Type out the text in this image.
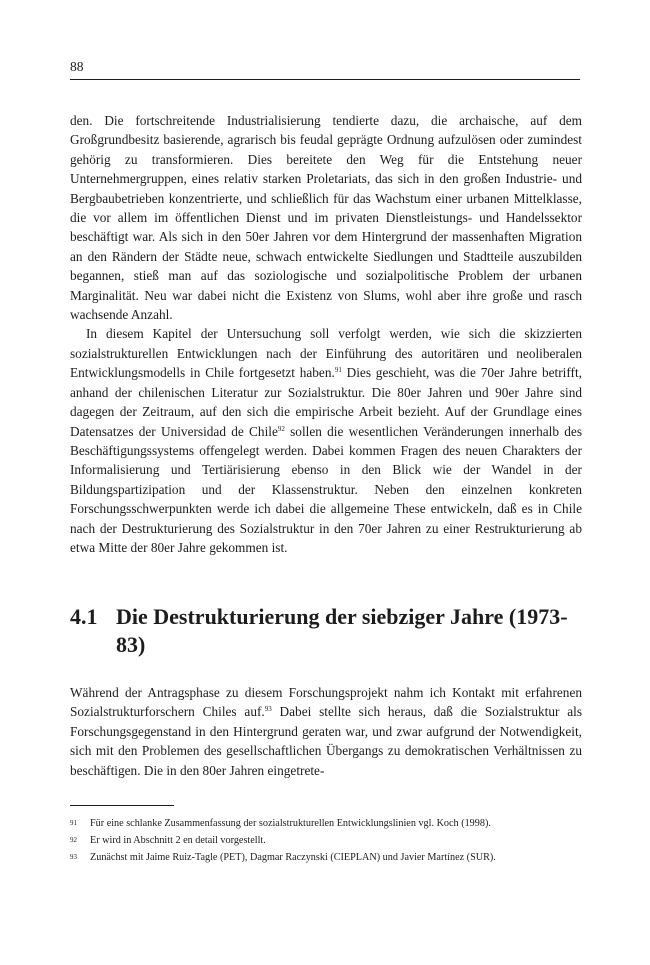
88

den. Die fortschreitende Industrialisierung tendierte dazu, die archaische, auf dem Großgrundbesitz basierende, agrarisch bis feudal geprägte Ordnung aufzulösen oder zumindest gehörig zu transformieren. Dies bereitete den Weg für die Entstehung neuer Unternehmergruppen, eines relativ starken Proletariats, das sich in den großen Industrie- und Bergbaubetrieben konzentrierte, und schließlich für das Wachstum einer urbanen Mittelklasse, die vor allem im öffentlichen Dienst und im privaten Dienstleistungs- und Handelssektor beschäftigt war. Als sich in den 50er Jahren vor dem Hintergrund der massenhaften Migration an den Rändern der Städte neue, schwach entwickelte Siedlungen und Stadtteile auszubilden begannen, stieß man auf das soziologische und sozialpolitische Problem der urbanen Marginalität. Neu war dabei nicht die Existenz von Slums, wohl aber ihre große und rasch wachsende Anzahl.

In diesem Kapitel der Untersuchung soll verfolgt werden, wie sich die skizzierten sozialstrukturellen Entwicklungen nach der Einführung des autoritären und neoliberalen Entwicklungsmodells in Chile fortgesetzt haben.$^{91}$ Dies geschieht, was die 70er Jahre betrifft, anhand der chilenischen Literatur zur Sozialstruktur. Die 80er Jahren und 90er Jahre sind dagegen der Zeitraum, auf den sich die empirische Arbeit bezieht. Auf der Grundlage eines Datensatzes der Universidad de Chile$^{92}$ sollen die wesentlichen Veränderungen innerhalb des Beschäftigungssystems offengelegt werden. Dabei kommen Fragen des neuen Charakters der Informalisierung und Tertiärisierung ebenso in den Blick wie der Wandel in der Bildungspartizipation und der Klassenstruktur. Neben den einzelnen konkreten Forschungsschwerpunkten werde ich dabei die allgemeine These entwickeln, daß es in Chile nach der Destrukturierung des Sozialstruktur in den 70er Jahren zu einer Restrukturierung ab etwa Mitte der 80er Jahre gekommen ist.

4.1 Die Destrukturierung der siebziger Jahre (1973-83)

Während der Antragsphase zu diesem Forschungsprojekt nahm ich Kontakt mit erfahrenen Sozialstrukturforschern Chiles auf.$^{93}$ Dabei stellte sich heraus, daß die Sozialstruktur als Forschungsgegenstand in den Hintergrund geraten war, und zwar aufgrund der Notwendigkeit, sich mit den Problemen des gesellschaftlichen Übergangs zu demokratischen Verhältnissen zu beschäftigen. Die in den 80er Jahren eingetrete-

91 Für eine schlanke Zusammenfassung der sozialstrukturellen Entwicklungslinien vgl. Koch (1998).
92 Er wird in Abschnitt 2 en detail vorgestellt.
93 Zunächst mit Jaime Ruiz-Tagle (PET), Dagmar Raczynski (CIEPLAN) und Javier Martínez (SUR).
